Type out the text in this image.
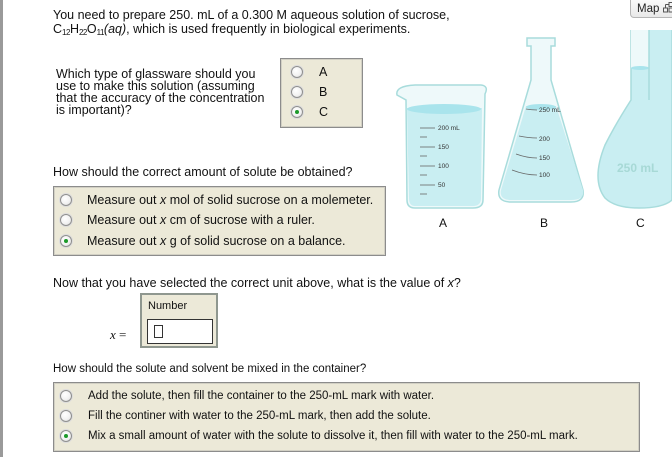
Map
You need to prepare 250. mL of a 0.300 M aqueous solution of sucrose,
$C_{12}H_{22}O_{11}(aq)$, which is used frequently in biological experiments.
Which type of glassware should you use to make this solution (assuming that the accuracy of the concentration is important)?
A
B
C
200 mL
150
100
50
250 mL
200
150
100
250 mL
A	B	C
How should the correct amount of solute be obtained?
Measure out x mol of solid sucrose on a molemeter.
Measure out x cm of sucrose with a ruler.
Measure out x g of solid sucrose on a balance.
Now that you have selected the correct unit above, what is the value of x?
x =
Number
How should the solute and solvent be mixed in the container?
Add the solute, then fill the container to the 250-mL mark with water.
Fill the continer with water to the 250-mL mark, then add the solute.
Mix a small amount of water with the solute to dissolve it, then fill with water to the 250-mL mark.
